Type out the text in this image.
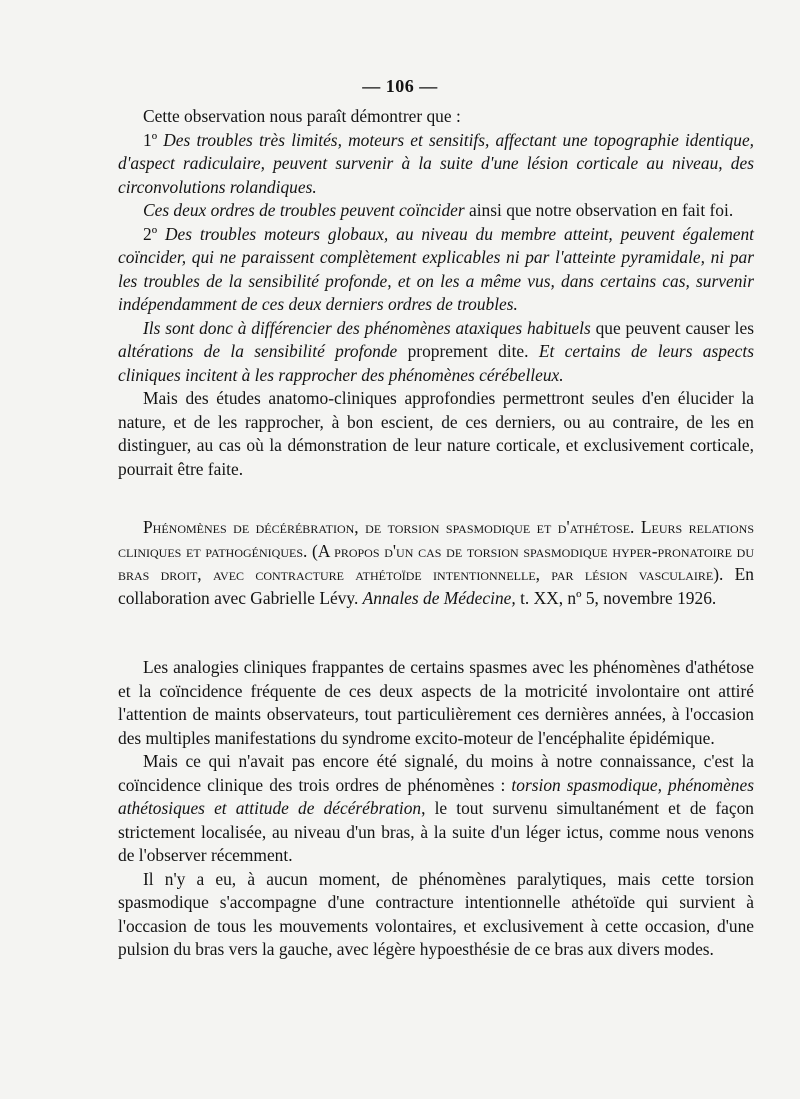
— 106 —

Cette observation nous paraît démontrer que :

1º Des troubles très limités, moteurs et sensitifs, affectant une topographie identique, d'aspect radiculaire, peuvent survenir à la suite d'une lésion corticale au niveau, des circonvolutions rolandiques.

Ces deux ordres de troubles peuvent coïncider ainsi que notre observation en fait foi.

2º Des troubles moteurs globaux, au niveau du membre atteint, peuvent également coïncider, qui ne paraissent complètement explicables ni par l'atteinte pyramidale, ni par les troubles de la sensibilité profonde, et on les a même vus, dans certains cas, survenir indépendamment de ces deux derniers ordres de troubles.

Ils sont donc à différencier des phénomènes ataxiques habituels que peuvent causer les altérations de la sensibilité profonde proprement dite. Et certains de leurs aspects cliniques incitent à les rapprocher des phénomènes cérébelleux.

Mais des études anatomo-cliniques approfondies permettront seules d'en élucider la nature, et de les rapprocher, à bon escient, de ces derniers, ou au contraire, de les en distinguer, au cas où la démonstration de leur nature corticale, et exclusivement corticale, pourrait être faite.

Phénomènes de décérébration, de torsion spasmodique et d'athétose. Leurs relations cliniques et pathogéniques. (A propos d'un cas de torsion spasmodique hyper-pronatoire du bras droit, avec contracture athétoïde intentionnelle, par lésion vasculaire). En collaboration avec Gabrielle Lévy. Annales de Médecine, t. XX, nº 5, novembre 1926.

Les analogies cliniques frappantes de certains spasmes avec les phénomènes d'athétose et la coïncidence fréquente de ces deux aspects de la motricité involontaire ont attiré l'attention de maints observateurs, tout particulièrement ces dernières années, à l'occasion des multiples manifestations du syndrome excito-moteur de l'encéphalite épidémique.

Mais ce qui n'avait pas encore été signalé, du moins à notre connaissance, c'est la coïncidence clinique des trois ordres de phénomènes : torsion spasmodique, phénomènes athétosiques et attitude de décérébration, le tout survenu simultanément et de façon strictement localisée, au niveau d'un bras, à la suite d'un léger ictus, comme nous venons de l'observer récemment.

Il n'y a eu, à aucun moment, de phénomènes paralytiques, mais cette torsion spasmodique s'accompagne d'une contracture intentionnelle athétoïde qui survient à l'occasion de tous les mouvements volontaires, et exclusivement à cette occasion, d'une pulsion du bras vers la gauche, avec légère hypoesthésie de ce bras aux divers modes.
